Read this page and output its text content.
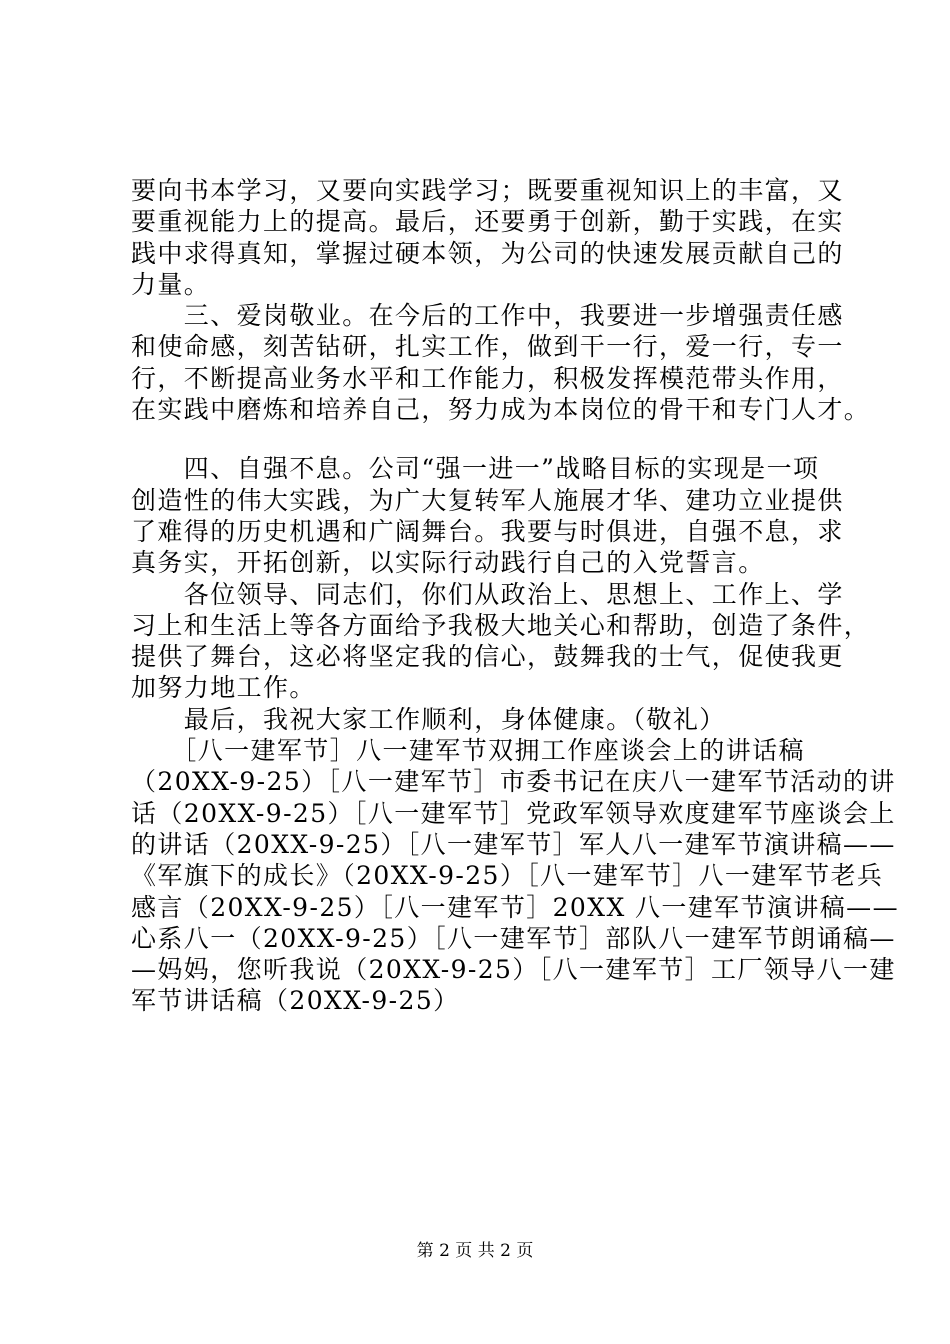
要向书本学习，又要向实践学习；既要重视知识上的丰富，又
要重视能力上的提高。最后，还要勇于创新，勤于实践，在实
践中求得真知，掌握过硬本领，为公司的快速发展贡献自己的
力量。
　　三、爱岗敬业。在今后的工作中，我要进一步增强责任感
和使命感，刻苦钻研，扎实工作，做到干一行，爱一行，专一
行，不断提高业务水平和工作能力，积极发挥模范带头作用，
在实践中磨炼和培养自己，努力成为本岗位的骨干和专门人才。
　　四、自强不息。公司“强一进一”战略目标的实现是一项
创造性的伟大实践，为广大复转军人施展才华、建功立业提供
了难得的历史机遇和广阔舞台。我要与时俱进，自强不息，求
真务实，开拓创新，以实际行动践行自己的入党誓言。
　　各位领导、同志们，你们从政治上、思想上、工作上、学
习上和生活上等各方面给予我极大地关心和帮助，创造了条件，
提供了舞台，这必将坚定我的信心，鼓舞我的士气，促使我更
加努力地工作。
　　最后，我祝大家工作顺利，身体健康。（敬礼）
　　［八一建军节］八一建军节双拥工作座谈会上的讲话稿
（20XX-9-25）［八一建军节］市委书记在庆八一建军节活动的讲
话（20XX-9-25）［八一建军节］党政军领导欢度建军节座谈会上
的讲话（20XX-9-25）［八一建军节］军人八一建军节演讲稿——
《军旗下的成长》（20XX-9-25）［八一建军节］八一建军节老兵
感言（20XX-9-25）［八一建军节］20XX 八一建军节演讲稿——
心系八一（20XX-9-25）［八一建军节］部队八一建军节朗诵稿—
—妈妈，您听我说（20XX-9-25）［八一建军节］工厂领导八一建
军节讲话稿（20XX-9-25）
第 2 页 共 2 页
